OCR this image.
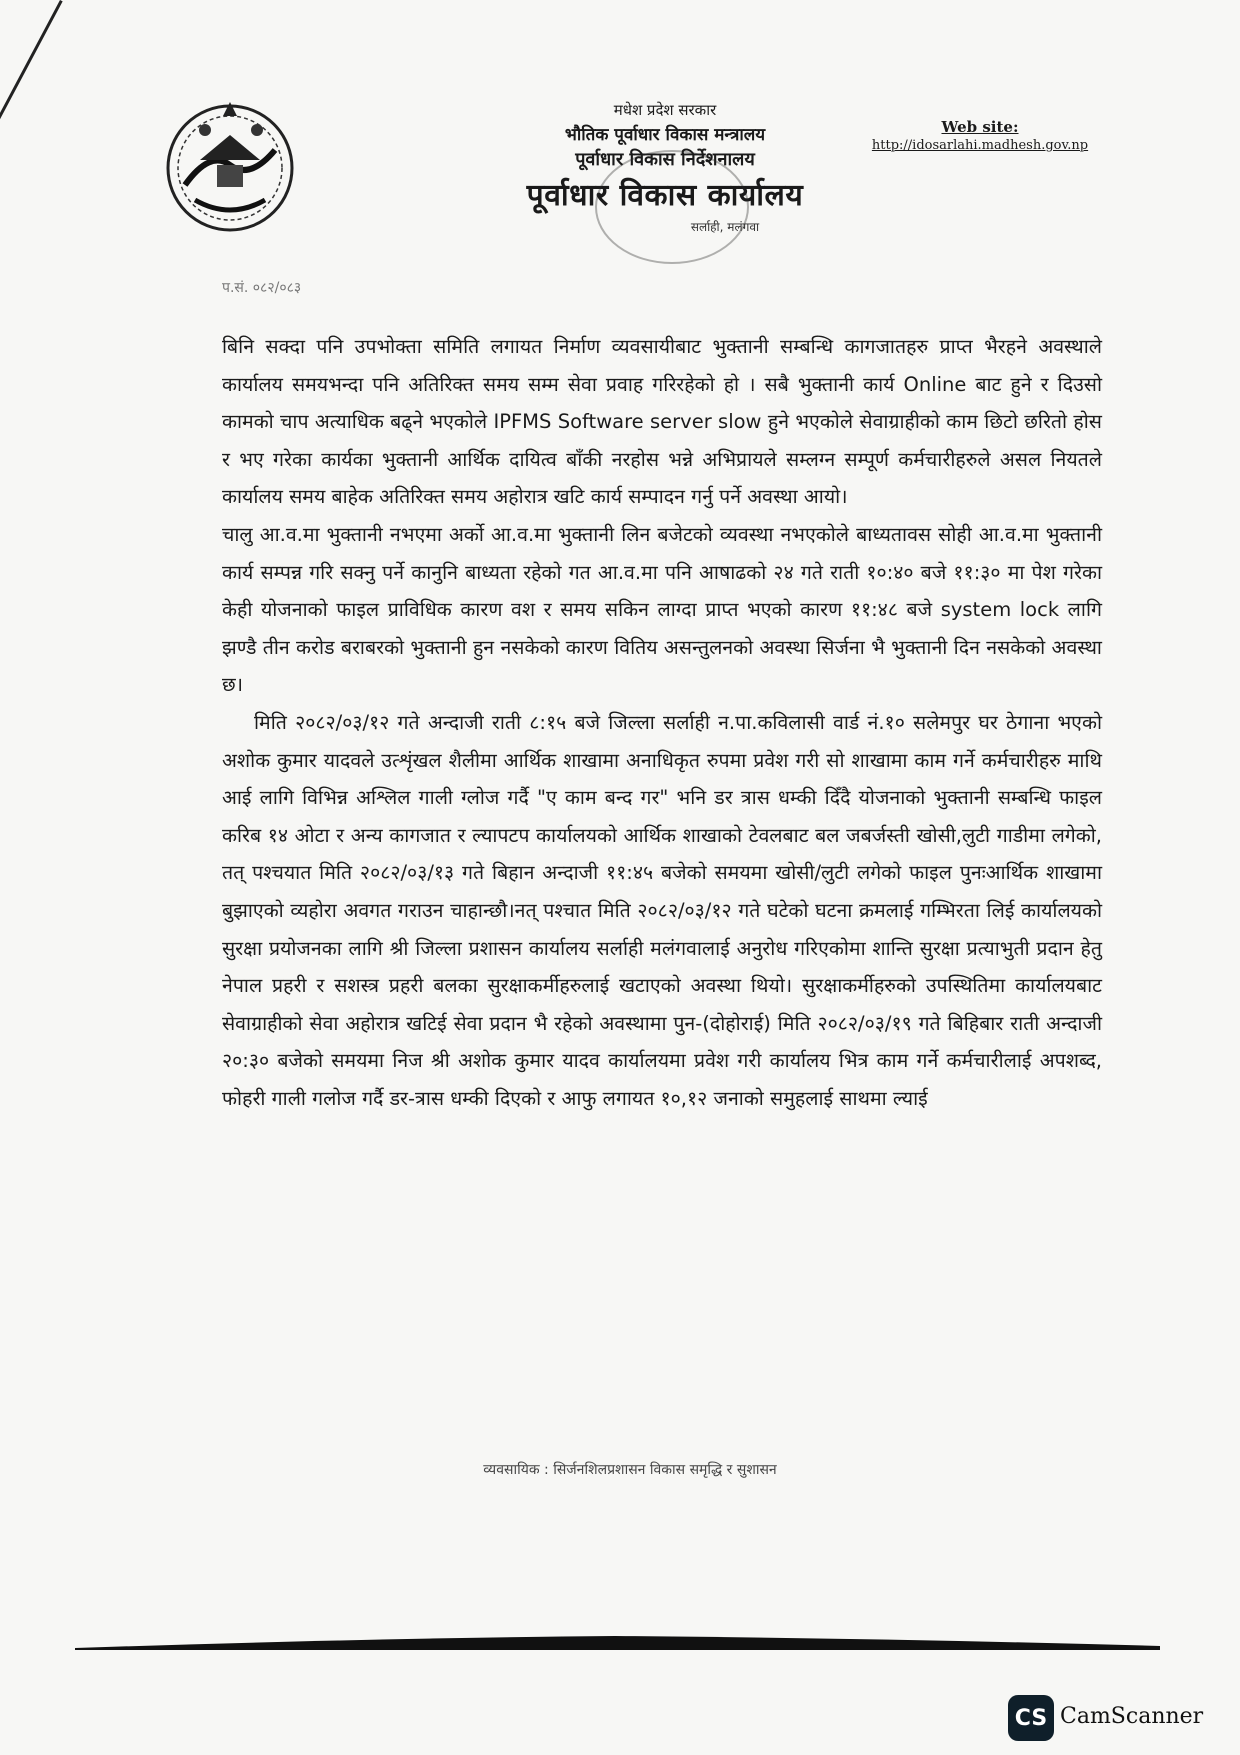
मधेश प्रदेश सरकार
भौतिक पूर्वाधार विकास मन्त्रालय
पूर्वाधार विकास निर्देशनालय
पूर्वाधार विकास कार्यालय
सर्लाही, मलंगवा
Web site:
http://idosarlahi.madhesh.gov.np
प.सं. ०८२/०८३

बिनि सक्दा पनि उपभोक्ता समिति लगायत निर्माण व्यवसायीबाट भुक्तानी सम्बन्धि कागजातहरु प्राप्त भैरहने अवस्थाले कार्यालय समयभन्दा पनि अतिरिक्त समय सम्म सेवा प्रवाह गरिरहेको हो । सबै भुक्तानी कार्य Online बाट हुने र दिउसो कामको चाप अत्याधिक बढ्ने भएकोले IPFMS Software server slow हुने भएकोले सेवाग्राहीको काम छिटो छरितो होस र भए गरेका कार्यका भुक्तानी आर्थिक दायित्व बाँकी नरहोस भन्ने अभिप्रायले सम्लग्न सम्पूर्ण कर्मचारीहरुले असल नियतले कार्यालय समय बाहेक अतिरिक्त समय अहोरात्र खटि कार्य सम्पादन गर्नु पर्ने अवस्था आयो।

चालु आ.व.मा भुक्तानी नभएमा अर्को आ.व.मा भुक्तानी लिन बजेटको व्यवस्था नभएकोले बाध्यतावस सोही आ.व.मा भुक्तानी कार्य सम्पन्न गरि सक्नु पर्ने कानुनि बाध्यता रहेको गत आ.व.मा पनि आषाढको २४ गते राती १०:४० बजे ११:३० मा पेश गरेका केही योजनाको फाइल प्राविधिक कारण वश र समय सकिन लाग्दा प्राप्त भएको कारण ११:४८ बजे system lock लागि झण्डै तीन करोड बराबरको भुक्तानी हुन नसकेको कारण वितिय असन्तुलनको अवस्था सिर्जना भै भुक्तानी दिन नसकेको अवस्था छ।

मिति २०८२/०३/१२ गते अन्दाजी राती ८:१५ बजे जिल्ला सर्लाही न.पा.कविलासी वार्ड नं.१० सलेमपुर घर ठेगाना भएको अशोक कुमार यादवले उत्शृंखल शैलीमा आर्थिक शाखामा अनाधिकृत रुपमा प्रवेश गरी सो शाखामा काम गर्ने कर्मचारीहरु माथि आई लागि विभिन्न अश्लिल गाली ग्लोज गर्दै "ए काम बन्द गर" भनि डर त्रास धम्की दिँदै योजनाको भुक्तानी सम्बन्धि फाइल करिब १४ ओटा र अन्य कागजात र ल्यापटप कार्यालयको आर्थिक शाखाको टेवलबाट बल जबर्जस्ती खोसी,लुटी गाडीमा लगेको, तत् पश्चयात मिति २०८२/०३/१३ गते बिहान अन्दाजी ११:४५ बजेको समयमा खोसी/लुटी लगेको फाइल पुनःआर्थिक शाखामा बुझाएको व्यहोरा अवगत गराउन चाहान्छौ।नत् पश्चात मिति २०८२/०३/१२ गते घटेको घटना क्रमलाई गम्भिरता लिई कार्यालयको सुरक्षा प्रयोजनका लागि श्री जिल्ला प्रशासन कार्यालय सर्लाही मलंगवालाई अनुरोध गरिएकोमा शान्ति सुरक्षा प्रत्याभुती प्रदान हेतु नेपाल प्रहरी र सशस्त्र प्रहरी बलका सुरक्षाकर्मीहरुलाई खटाएको अवस्था थियो। सुरक्षाकर्मीहरुको उपस्थितिमा कार्यालयबाट सेवाग्राहीको सेवा अहोरात्र खटिई सेवा प्रदान भै रहेको अवस्थामा पुन-(दोहोराई) मिति २०८२/०३/१९ गते बिहिबार राती अन्दाजी २०:३० बजेको समयमा निज श्री अशोक कुमार यादव कार्यालयमा प्रवेश गरी कार्यालय भित्र काम गर्ने कर्मचारीलाई अपशब्द, फोहरी गाली गलोज गर्दै डर-त्रास धम्की दिएको र आफु लगायत १०,१२ जनाको समुहलाई साथमा ल्याई

व्यवसायिक : सिर्जनशिलप्रशासन विकास समृद्धि र सुशासन
CS CamScanner
